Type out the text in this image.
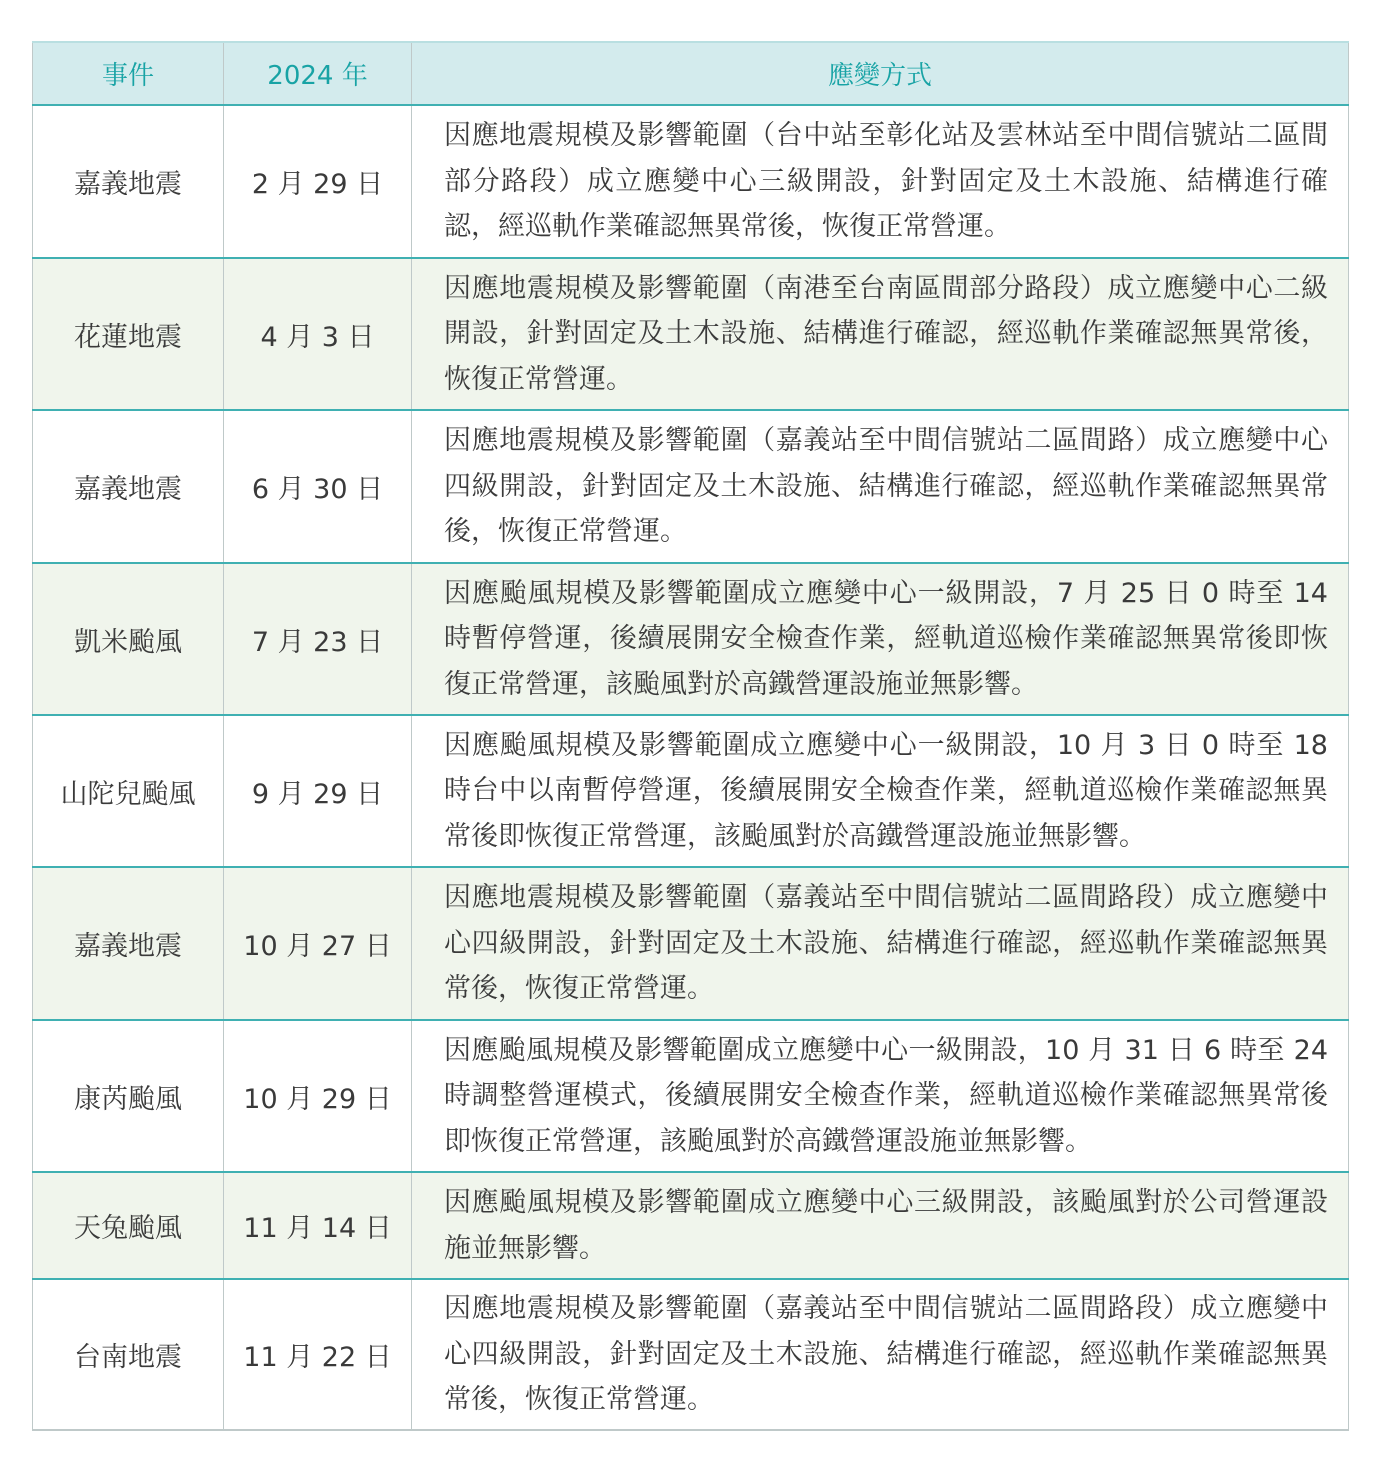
事件	2024 年	應變方式
嘉義地震	2 月 29 日	因應地震規模及影響範圍（台中站至彰化站及雲林站至中間信號站二區間部分路段）成立應變中心三級開設，針對固定及土木設施、結構進行確認，經巡軌作業確認無異常後，恢復正常營運。
花蓮地震	4 月 3 日	因應地震規模及影響範圍（南港至台南區間部分路段）成立應變中心二級開設，針對固定及土木設施、結構進行確認，經巡軌作業確認無異常後，恢復正常營運。
嘉義地震	6 月 30 日	因應地震規模及影響範圍（嘉義站至中間信號站二區間路）成立應變中心四級開設，針對固定及土木設施、結構進行確認，經巡軌作業確認無異常後，恢復正常營運。
凱米颱風	7 月 23 日	因應颱風規模及影響範圍成立應變中心一級開設，7 月 25 日 0 時至 14 時暫停營運，後續展開安全檢查作業，經軌道巡檢作業確認無異常後即恢復正常營運，該颱風對於高鐵營運設施並無影響。
山陀兒颱風	9 月 29 日	因應颱風規模及影響範圍成立應變中心一級開設，10 月 3 日 0 時至 18 時台中以南暫停營運，後續展開安全檢查作業，經軌道巡檢作業確認無異常後即恢復正常營運，該颱風對於高鐵營運設施並無影響。
嘉義地震	10 月 27 日	因應地震規模及影響範圍（嘉義站至中間信號站二區間路段）成立應變中心四級開設，針對固定及土木設施、結構進行確認，經巡軌作業確認無異常後，恢復正常營運。
康芮颱風	10 月 29 日	因應颱風規模及影響範圍成立應變中心一級開設，10 月 31 日 6 時至 24 時調整營運模式，後續展開安全檢查作業，經軌道巡檢作業確認無異常後即恢復正常營運，該颱風對於高鐵營運設施並無影響。
天兔颱風	11 月 14 日	因應颱風規模及影響範圍成立應變中心三級開設，該颱風對於公司營運設施並無影響。
台南地震	11 月 22 日	因應地震規模及影響範圍（嘉義站至中間信號站二區間路段）成立應變中心四級開設，針對固定及土木設施、結構進行確認，經巡軌作業確認無異常後，恢復正常營運。
